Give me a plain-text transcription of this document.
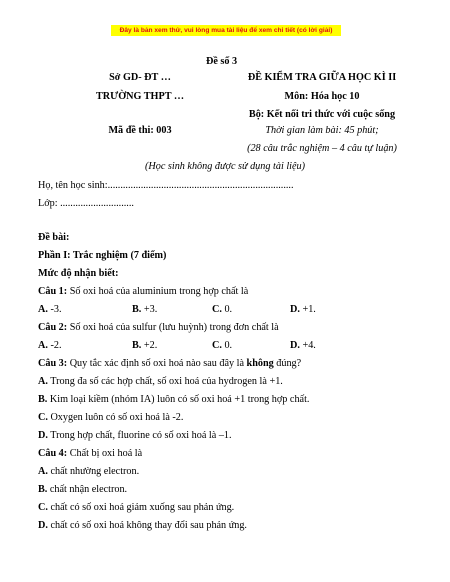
Đây là bản xem thử, vui lòng mua tài liệu để xem chi tiết (có lời giải)
Đề số 3
Sở GD- ĐT …
TRƯỜNG THPT …
Mã đề thi: 003
ĐỀ KIỂM TRA GIỮA HỌC KÌ II
Môn: Hóa học 10
Bộ: Kết nối tri thức với cuộc sống
Thời gian làm bài: 45 phút;
(28 câu trắc nghiệm – 4 câu tự luận)
(Học sinh không được sử dụng tài liệu)
Họ, tên học sinh:.........................................................................
Lớp: .............................
Đề bài:
Phần I: Trắc nghiệm (7 điểm)
Mức độ nhận biết:
Câu 1: Số oxi hoá của aluminium trong hợp chất là
A. -3.	B. +3.	C. 0.	D. +1.
Câu 2: Số oxi hoá của sulfur (lưu huỳnh) trong đơn chất là
A. -2.	B. +2.	C. 0.	D. +4.
Câu 3: Quy tắc xác định số oxi hoá nào sau đây là không đúng?
A. Trong đa số các hợp chất, số oxi hoá của hydrogen là +1.
B. Kim loại kiềm (nhóm IA) luôn có số oxi hoá +1 trong hợp chất.
C. Oxygen luôn có số oxi hoá là -2.
D. Trong hợp chất, fluorine có số oxi hoá là –1.
Câu 4: Chất bị oxi hoá là
A. chất nhường electron.
B. chất nhận electron.
C. chất có số oxi hoá giảm xuống sau phản ứng.
D. chất có số oxi hoá không thay đổi sau phản ứng.
